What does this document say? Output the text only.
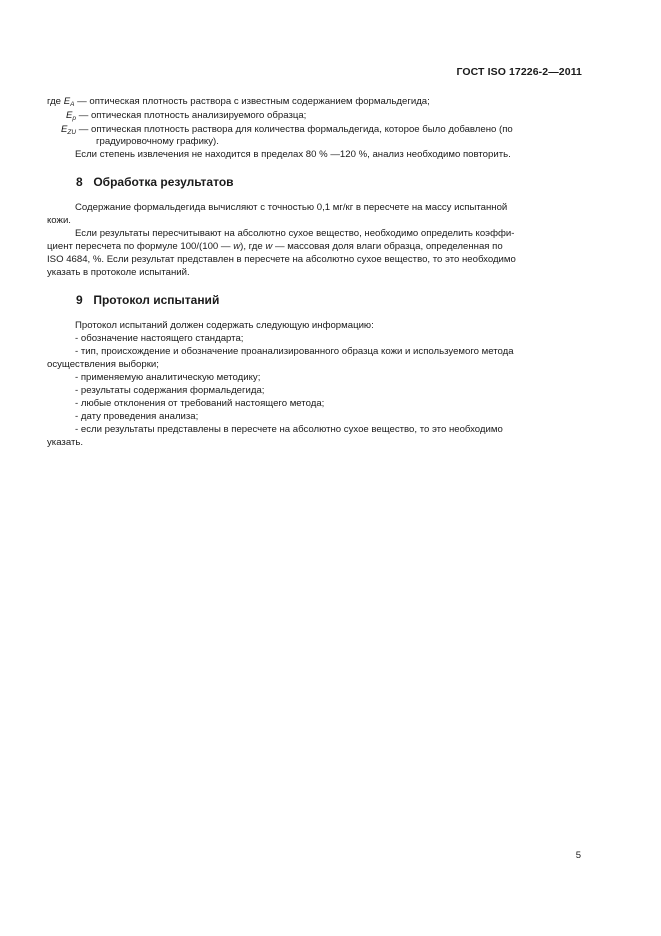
ГОСТ ISO 17226-2—2011
где $E_A$ — оптическая плотность раствора с известным содержанием формальдегида;
$E_p$ — оптическая плотность анализируемого образца;
$E_{ZU}$ — оптическая плотность раствора для количества формальдегида, которое было добавлено (по
градуировочному графику).
Если степень извлечения не находится в пределах 80 % —120 %, анализ необходимо повторить.
8 Обработка результатов
Содержание формальдегида вычисляют с точностью 0,1 мг/кг в пересчете на массу испытанной
кожи.
Если результаты пересчитывают на абсолютно сухое вещество, необходимо определить коэффи-
циент пересчета по формуле 100/(100 — w), где w — массовая доля влаги образца, определенная по
ISO 4684, %. Если результат представлен в пересчете на абсолютно сухое вещество, то это необходимо
указать в протоколе испытаний.
9 Протокол испытаний
Протокол испытаний должен содержать следующую информацию:
- обозначение настоящего стандарта;
- тип, происхождение и обозначение проанализированного образца кожи и используемого метода
осуществления выборки;
- применяемую аналитическую методику;
- результаты содержания формальдегида;
- любые отклонения от требований настоящего метода;
- дату проведения анализа;
- если результаты представлены в пересчете на абсолютно сухое вещество, то это необходимо
указать.
5
